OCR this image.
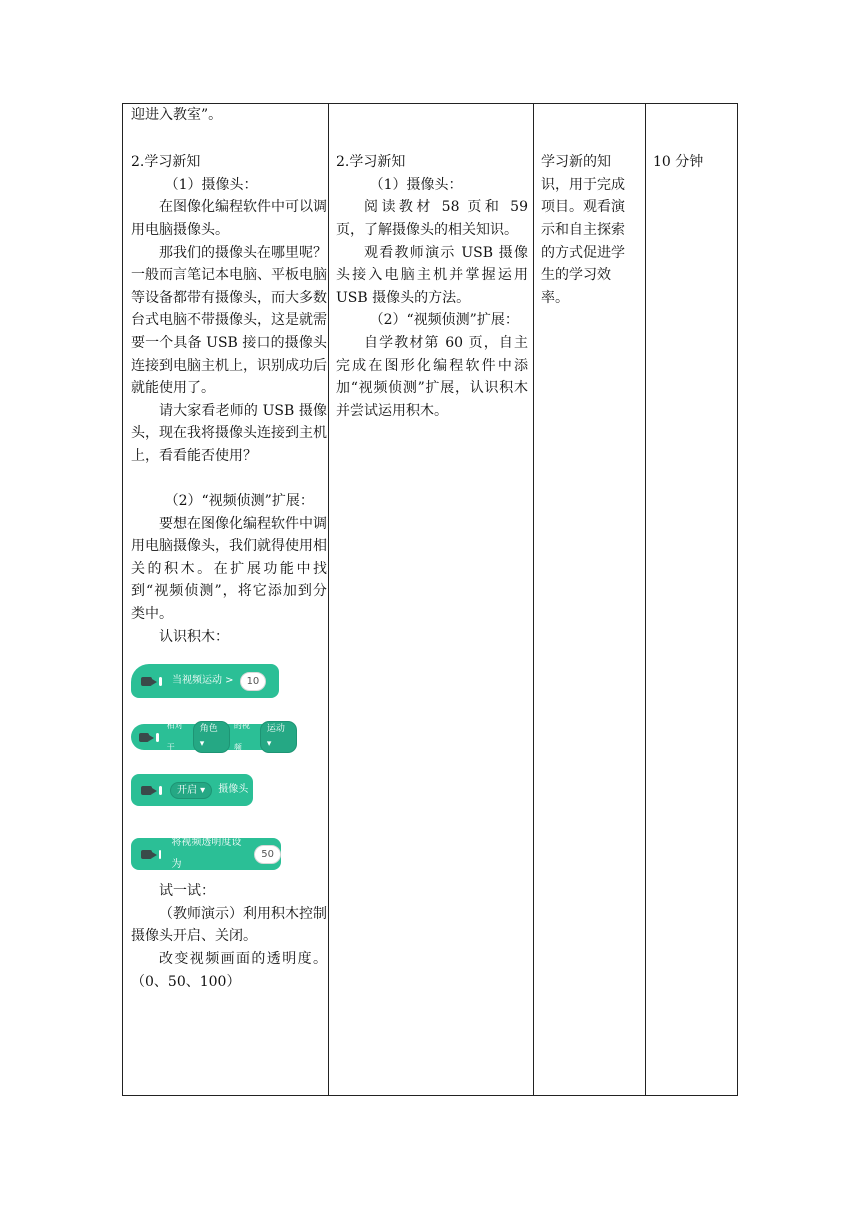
迎进入教室”。

2.学习新知

（1）摄像头：

在图像化编程软件中可以调用电脑摄像头。

那我们的摄像头在哪里呢？一般而言笔记本电脑、平板电脑等设备都带有摄像头，而大多数台式电脑不带摄像头，这是就需要一个具备 USB 接口的摄像头连接到电脑主机上，识别成功后就能使用了。

请大家看老师的 USB 摄像头，现在我将摄像头连接到主机上，看看能否使用？

（2）“视频侦测”扩展：

要想在图像化编程软件中调用电脑摄像头，我们就得使用相关的积木。在扩展功能中找到“视频侦测”，将它添加到分类中。

认识积木：

当视频运动 >	10
相对于
角色 ▾
的视频
运动 ▾
开启 ▾	摄像头
将视频透明度设为
50

试一试：

（教师演示）利用积木控制摄像头开启、关闭。

改变视频画面的透明度。（0、50、100）

2.学习新知

（1）摄像头：

阅读教材 58 页和 59 页，了解摄像头的相关知识。

观看教师演示 USB 摄像头接入电脑主机并掌握运用 USB 摄像头的方法。

（2）“视频侦测”扩展：

自学教材第 60 页，自主完成在图形化编程软件中添加“视频侦测”扩展，认识积木并尝试运用积木。

学习新的知识，用于完成项目。观看演示和自主探索的方式促进学生的学习效率。

10 分钟
